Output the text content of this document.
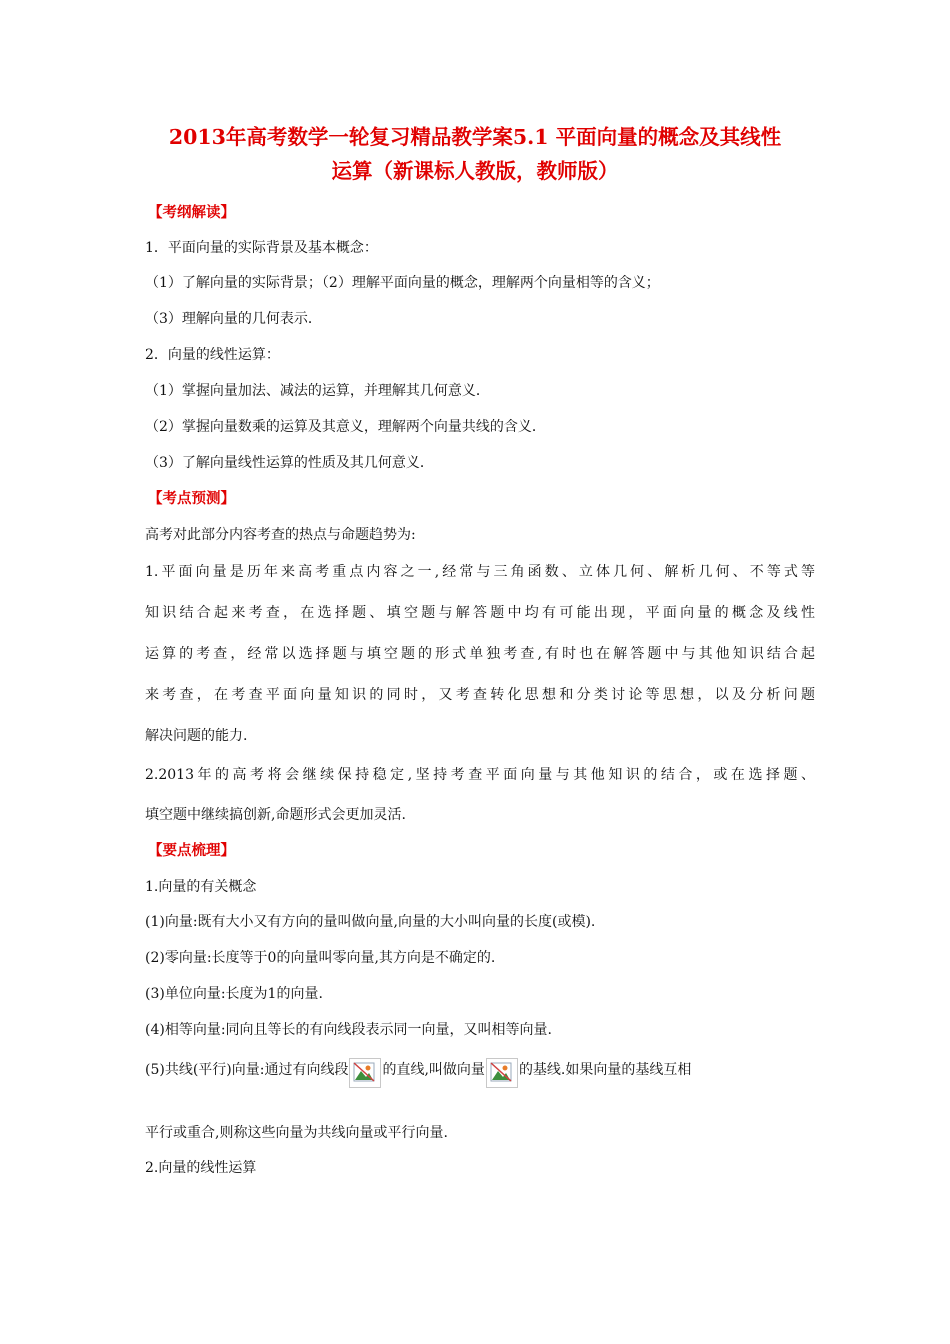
2013年高考数学一轮复习精品教学案5.1 平面向量的概念及其线性
运算（新课标人教版，教师版）

【考纲解读】

1．平面向量的实际背景及基本概念：

（1）了解向量的实际背景；（2）理解平面向量的概念，理解两个向量相等的含义；

（3）理解向量的几何表示．

2．向量的线性运算：

（1）掌握向量加法、减法的运算，并理解其几何意义．

（2）掌握向量数乘的运算及其意义，理解两个向量共线的含义．

（3）了解向量线性运算的性质及其几何意义．

【考点预测】

高考对此部分内容考查的热点与命题趋势为:

1.平面向量是历年来高考重点内容之一,经常与三角函数、立体几何、解析几何、不等式等

知识结合起来考查，在选择题、填空题与解答题中均有可能出现，平面向量的概念及线性

运算的考查，经常以选择题与填空题的形式单独考查,有时也在解答题中与其他知识结合起

来考查，在考查平面向量知识的同时，又考查转化思想和分类讨论等思想，以及分析问题

解决问题的能力.

2.2013年的高考将会继续保持稳定,坚持考查平面向量与其他知识的结合，或在选择题、

填空题中继续搞创新,命题形式会更加灵活.

【要点梳理】

1.向量的有关概念

(1)向量:既有大小又有方向的量叫做向量,向量的大小叫向量的长度(或模).

(2)零向量:长度等于0的向量叫零向量,其方向是不确定的.

(3)单位向量:长度为1的向量.

(4)相等向量:同向且等长的有向线段表示同一向量，又叫相等向量.

(5)共线(平行)向量:通过有向线段 的直线,叫做向量 的基线.如果向量的基线互相

平行或重合,则称这些向量为共线向量或平行向量.

2.向量的线性运算
